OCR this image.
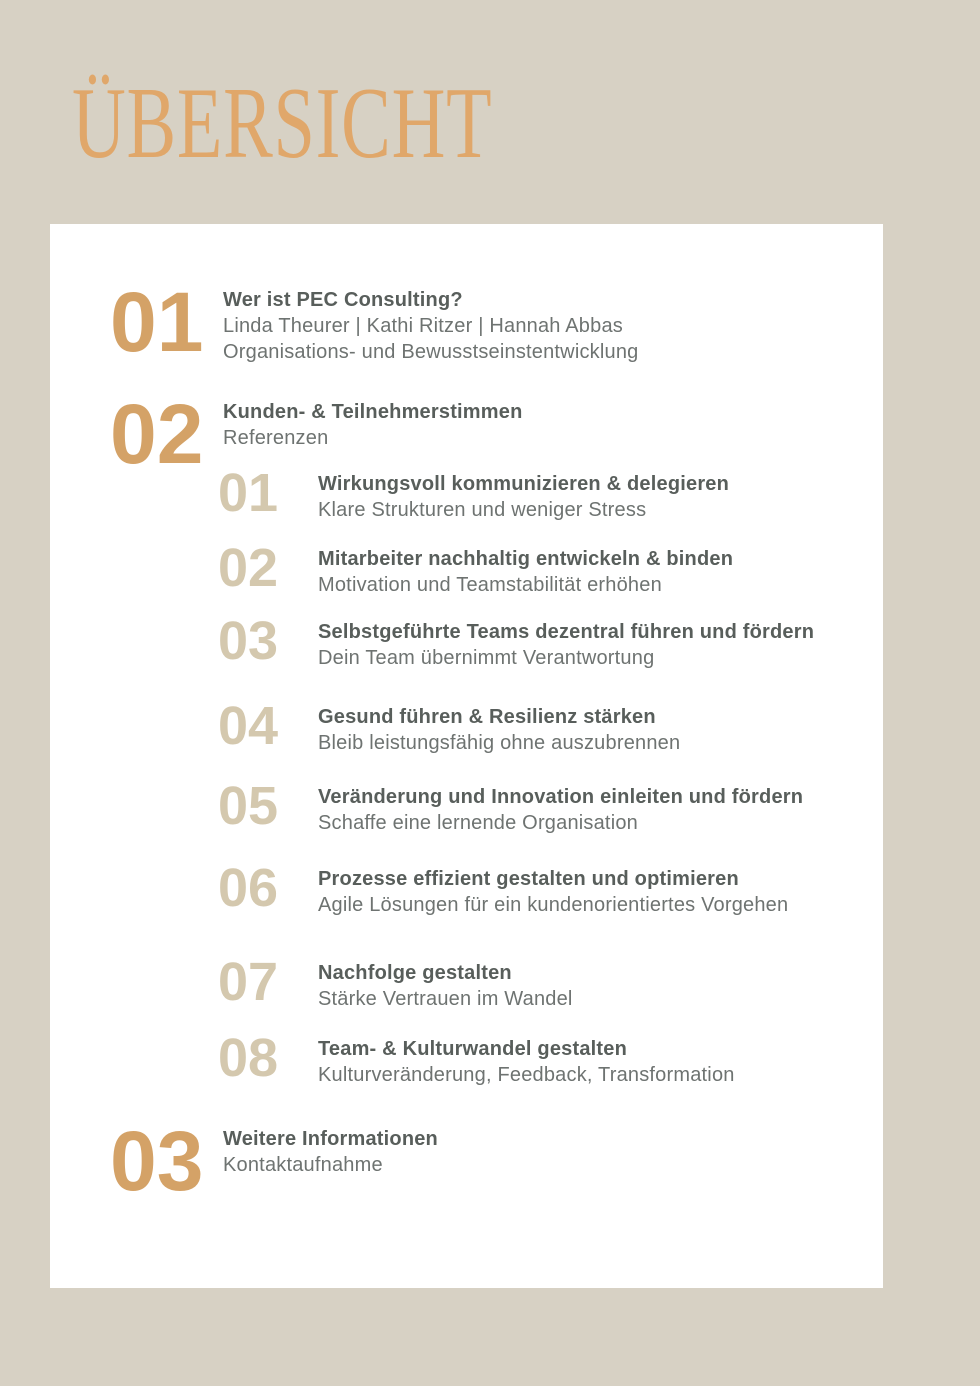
ÜBERSICHT
01 Wer ist PEC Consulting?
Linda Theurer | Kathi Ritzer | Hannah Abbas
Organisations- und Bewusstseinstentwicklung
02 Kunden- & Teilnehmerstimmen
Referenzen
01 Wirkungsvoll kommunizieren & delegieren
Klare Strukturen und weniger Stress
02 Mitarbeiter nachhaltig entwickeln & binden
Motivation und Teamstabilität erhöhen
03 Selbstgeführte Teams dezentral führen und fördern
Dein Team übernimmt Verantwortung
04 Gesund führen & Resilienz stärken
Bleib leistungsfähig ohne auszubrennen
05 Veränderung und Innovation einleiten und fördern
Schaffe eine lernende Organisation
06 Prozesse effizient gestalten und optimieren
Agile Lösungen für ein kundenorientiertes Vorgehen
07 Nachfolge gestalten
Stärke Vertrauen im Wandel
08 Team- & Kulturwandel gestalten
Kulturveränderung, Feedback, Transformation
03 Weitere Informationen
Kontaktaufnahme
